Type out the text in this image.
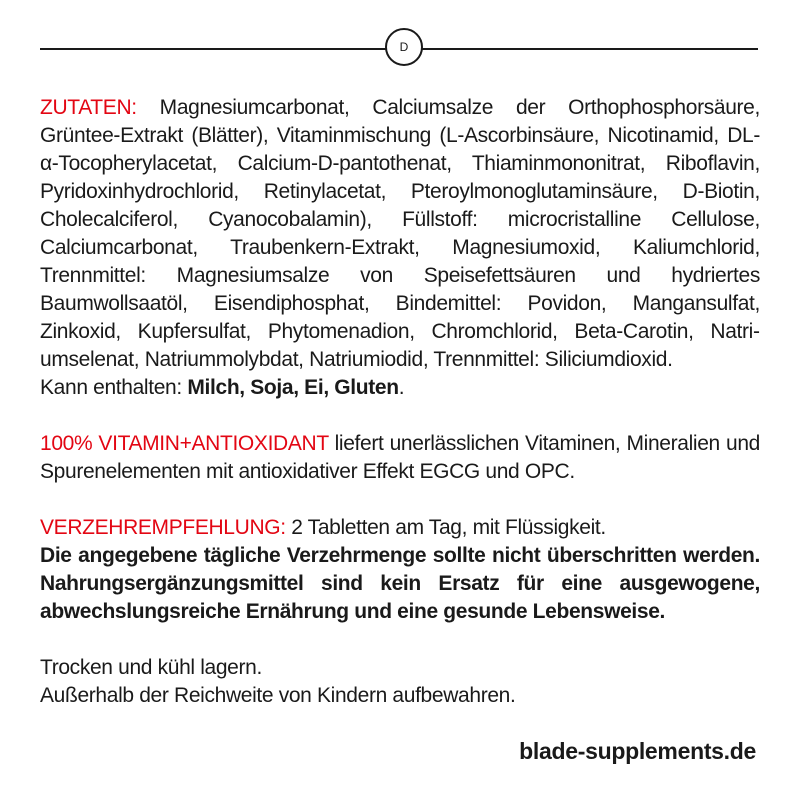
D

ZUTATEN: Magnesiumcarbonat, Calciumsalze der Orthophosphorsäure, Grüntee-Extrakt (Blätter), Vitaminmischung (L-Ascorbinsäure, Nicotinamid, DL-α-Tocopherylacetat, Calcium-D-pantothenat, Thiaminmononitrat, Riboflavin, Pyridoxinhydrochlorid, Retinylacetat, Pteroylmonoglutaminsäure, D-Biotin, Cholecalciferol, Cyanocobalamin), Füllstoff: microcristalline Cellulose, Calciumcarbonat, Traubenkern-Extrakt, Magnesiumoxid, Kaliumchlorid, Trennmittel: Magnesiumsalze von Speisefettsäuren und hydriertes Baumwollsaatöl, Eisendiphosphat, Bindemittel: Povidon, Mangansulfat, Zinkoxid, Kupfersulfat, Phytomenadion, Chromchlorid, Beta-Carotin, Natriumselenat, Natriummolybdat, Natriumiodid, Trennmittel: Siliciumdioxid.
Kann enthalten: Milch, Soja, Ei, Gluten.

100% VITAMIN+ANTIOXIDANT liefert unerlässlichen Vitaminen, Mineralien und Spurenelementen mit antioxidativer Effekt EGCG und OPC.

VERZEHREMPFEHLUNG: 2 Tabletten am Tag, mit Flüssigkeit.
Die angegebene tägliche Verzehrmenge sollte nicht überschritten werden. Nahrungsergänzungsmittel sind kein Ersatz für eine ausgewogene, abwechslungsreiche Ernährung und eine gesunde Lebensweise.

Trocken und kühl lagern.
Außerhalb der Reichweite von Kindern aufbewahren.

blade-supplements.de
